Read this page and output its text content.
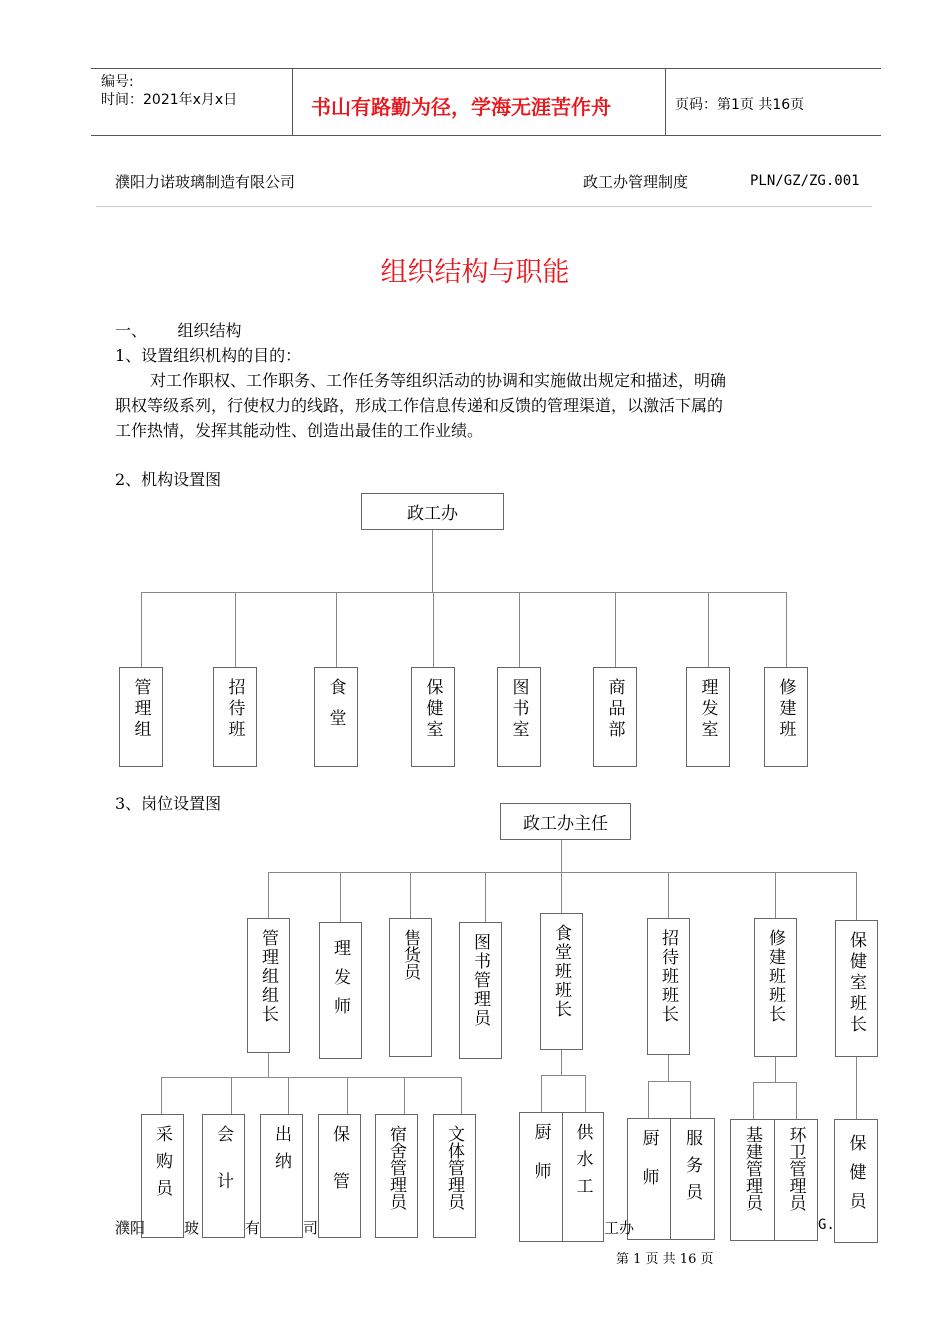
编号:
时间：2021年x月x日	书山有路勤为径，学海无涯苦作舟	页码：第1页 共16页
濮阳力诺玻璃制造有限公司	政工办管理制度	PLN/GZ/ZG.001
组织结构与职能
一、      组织结构
1、设置组织机构的目的：
对工作职权、工作职务、工作任务等组织活动的协调和实施做出规定和描述，明确
职权等级系列，行使权力的线路，形成工作信息传递和反馈的管理渠道，以激活下属的
工作热情，发挥其能动性、创造出最佳的工作业绩。
2、机构设置图
3、岗位设置图
政工办
管理组	招待班	食堂	保健室	图书室	商品部	理发室	修建班
政工办主任
管理组组长	理发师	售货员	图书管理员	食堂班班长	招待班班长	修建班班长	保健室班长
采购员 会计 出纳 保管 宿舍管理员 文体管理员	厨师 供水工	厨师 服务员 基建管理员 环卫管理员 保健员
濮阳	玻	有	司	工办	G.
第 1 页 共 16 页
